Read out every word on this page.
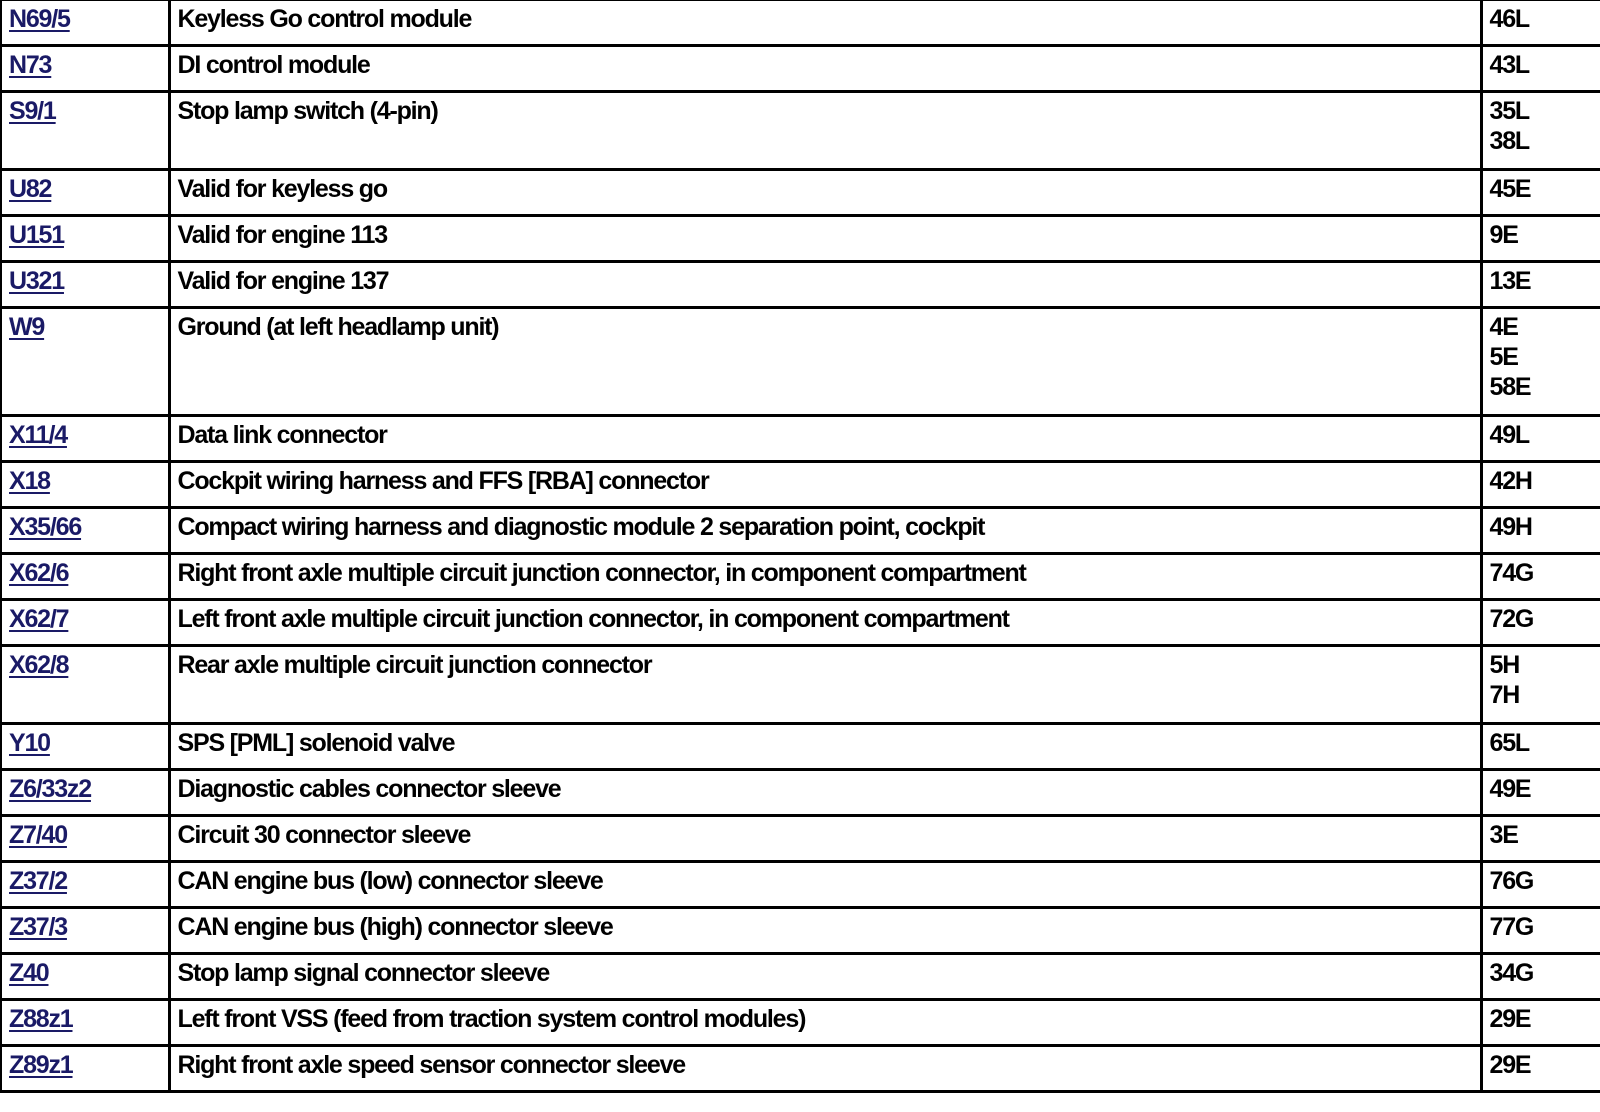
N69/5	Keyless Go control module	46L

N73	DI control module	43L

S9/1	Stop lamp switch (4-pin)	35L
38L

U82	Valid for keyless go	45E

U151	Valid for engine 113	9E

U321	Valid for engine 137	13E

W9	Ground (at left headlamp unit)	4E
5E
58E

X11/4	Data link connector	49L

X18	Cockpit wiring harness and FFS [RBA] connector	42H

X35/66	Compact wiring harness and diagnostic module 2 separation point, cockpit	49H

X62/6	Right front axle multiple circuit junction connector, in component compartment	74G

X62/7	Left front axle multiple circuit junction connector, in component compartment	72G

X62/8	Rear axle multiple circuit junction connector	5H
7H

Y10	SPS [PML] solenoid valve	65L

Z6/33z2	Diagnostic cables connector sleeve	49E

Z7/40	Circuit 30 connector sleeve	3E

Z37/2	CAN engine bus (low) connector sleeve	76G

Z37/3	CAN engine bus (high) connector sleeve	77G

Z40	Stop lamp signal connector sleeve	34G

Z88z1	Left front VSS (feed from traction system control modules)	29E

Z89z1	Right front axle speed sensor connector sleeve	29E
